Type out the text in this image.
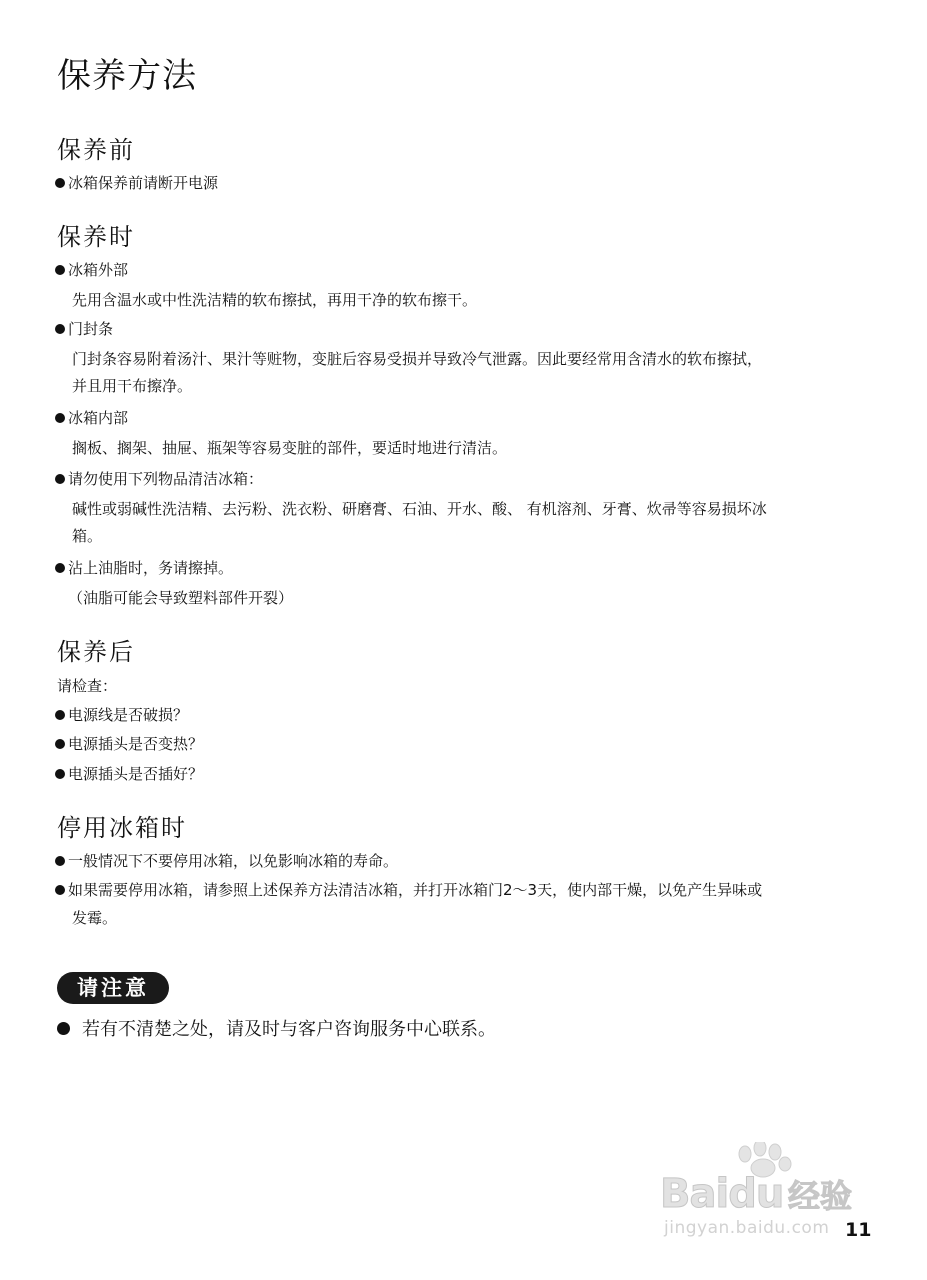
保养方法
保养前
冰箱保养前请断开电源
保养时
冰箱外部
先用含温水或中性洗洁精的软布擦拭，再用干净的软布擦干。
门封条
门封条容易附着汤汁、果汁等赃物，变脏后容易受损并导致冷气泄露。因此要经常用含清水的软布擦拭，
并且用干布擦净。
冰箱内部
搁板、搁架、抽屉、瓶架等容易变脏的部件，要适时地进行清洁。
请勿使用下列物品清洁冰箱：
碱性或弱碱性洗洁精、去污粉、洗衣粉、研磨膏、石油、开水、酸、 有机溶剂、牙膏、炊帚等容易损坏冰
箱。
沾上油脂时，务请擦掉。
（油脂可能会导致塑料部件开裂）
保养后
请检查：
电源线是否破损？
电源插头是否变热？
电源插头是否插好？
停用冰箱时
一般情况下不要停用冰箱，以免影响冰箱的寿命。
如果需要停用冰箱，请参照上述保养方法清洁冰箱，并打开冰箱门2～3天，使内部干燥，以免产生异味或
发霉。
请注意
若有不清楚之处，请及时与客户咨询服务中心联系。
Baidu 经验
jingyan.baidu.com 11
